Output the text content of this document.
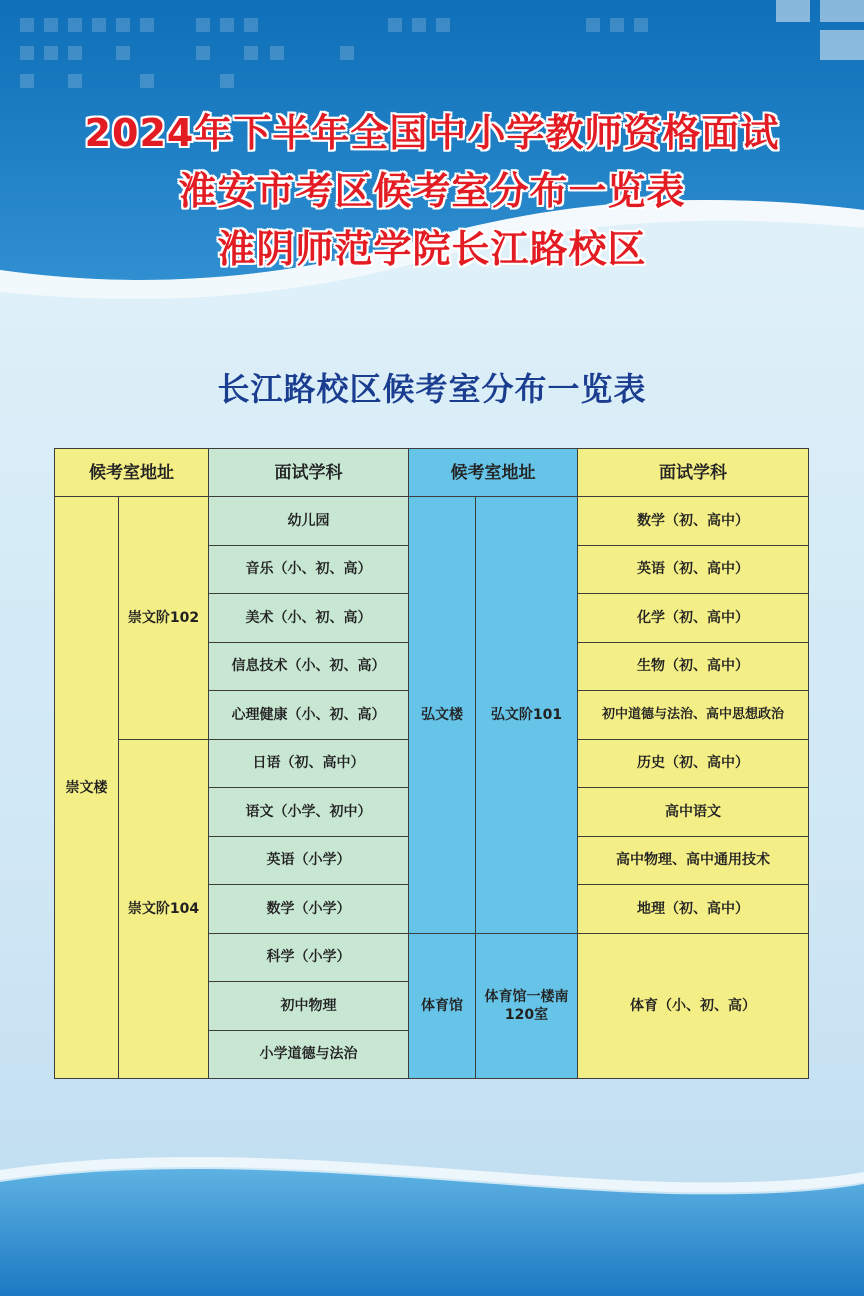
2024年下半年全国中小学教师资格面试
淮安市考区候考室分布一览表
淮阴师范学院长江路校区
长江路校区候考室分布一览表
候考室地址		面试学科	候考室地址		面试学科
崇文楼	崇文阶102	幼儿园	弘文楼	弘文阶101	数学（初、高中）
		音乐（小、初、高）			英语（初、高中）
		美术（小、初、高）			化学（初、高中）
		信息技术（小、初、高）			生物（初、高中）
		心理健康（小、初、高）			初中道德与法治、高中思想政治
	崇文阶104	日语（初、高中）			历史（初、高中）
		语文（小学、初中）			高中语文
		英语（小学）			高中物理、高中通用技术
		数学（小学）			地理（初、高中）
		科学（小学）	体育馆	体育馆一楼南120室	体育（小、初、高）
		初中物理			
		小学道德与法治			
